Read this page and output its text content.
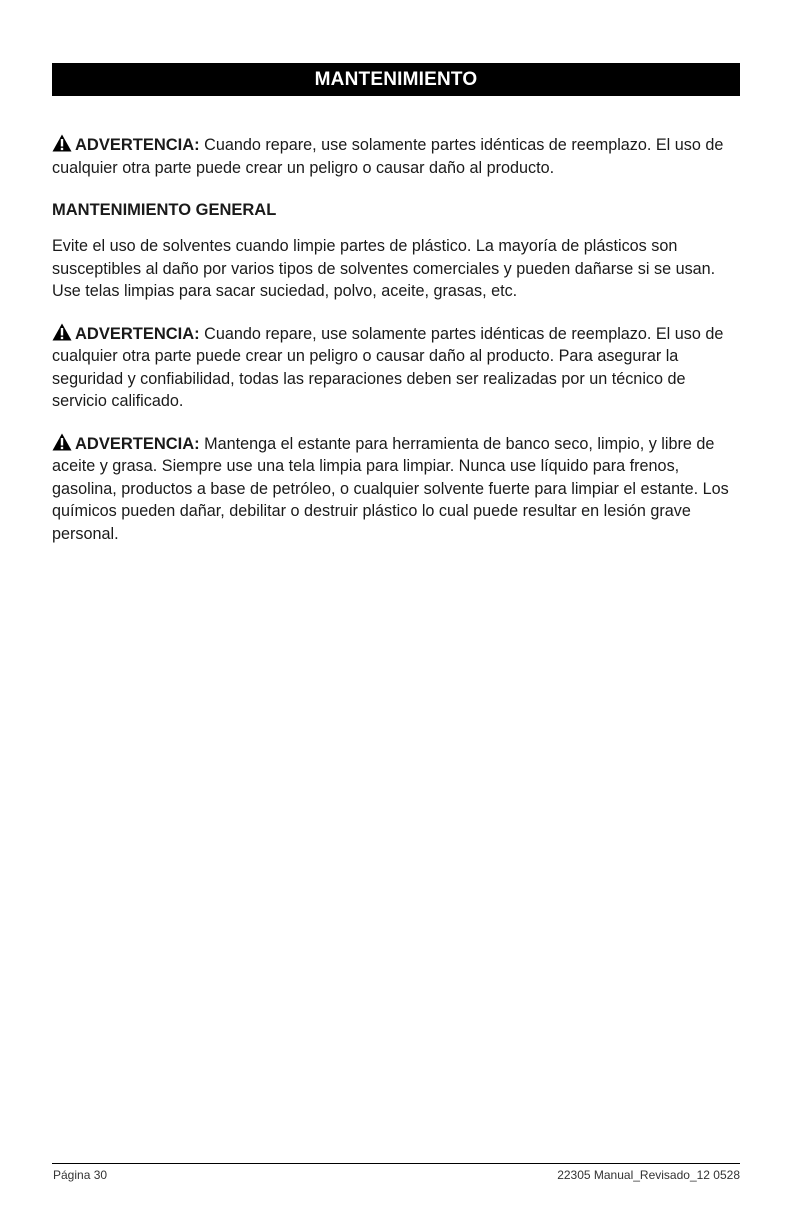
MANTENIMIENTO

ADVERTENCIA: Cuando repare, use solamente partes idénticas de reemplazo. El uso de cualquier otra parte puede crear un peligro o causar daño al producto.

MANTENIMIENTO GENERAL

Evite el uso de solventes cuando limpie partes de plástico. La mayoría de plásticos son susceptibles al daño por varios tipos de solventes comerciales y pueden dañarse si se usan. Use telas limpias para sacar suciedad, polvo, aceite, grasas, etc.

ADVERTENCIA: Cuando repare, use solamente partes idénticas de reemplazo. El uso de cualquier otra parte puede crear un peligro o causar daño al producto. Para asegurar la seguridad y confiabilidad, todas las reparaciones deben ser realizadas por un técnico de servicio calificado.

ADVERTENCIA: Mantenga el estante para herramienta de banco seco, limpio, y libre de aceite y grasa. Siempre use una tela limpia para limpiar. Nunca use líquido para frenos, gasolina, productos a base de petróleo, o cualquier solvente fuerte para limpiar el estante. Los químicos pueden dañar, debilitar o destruir plástico lo cual puede resultar en lesión grave personal.

Página 30	22305 Manual_Revisado_12 0528
